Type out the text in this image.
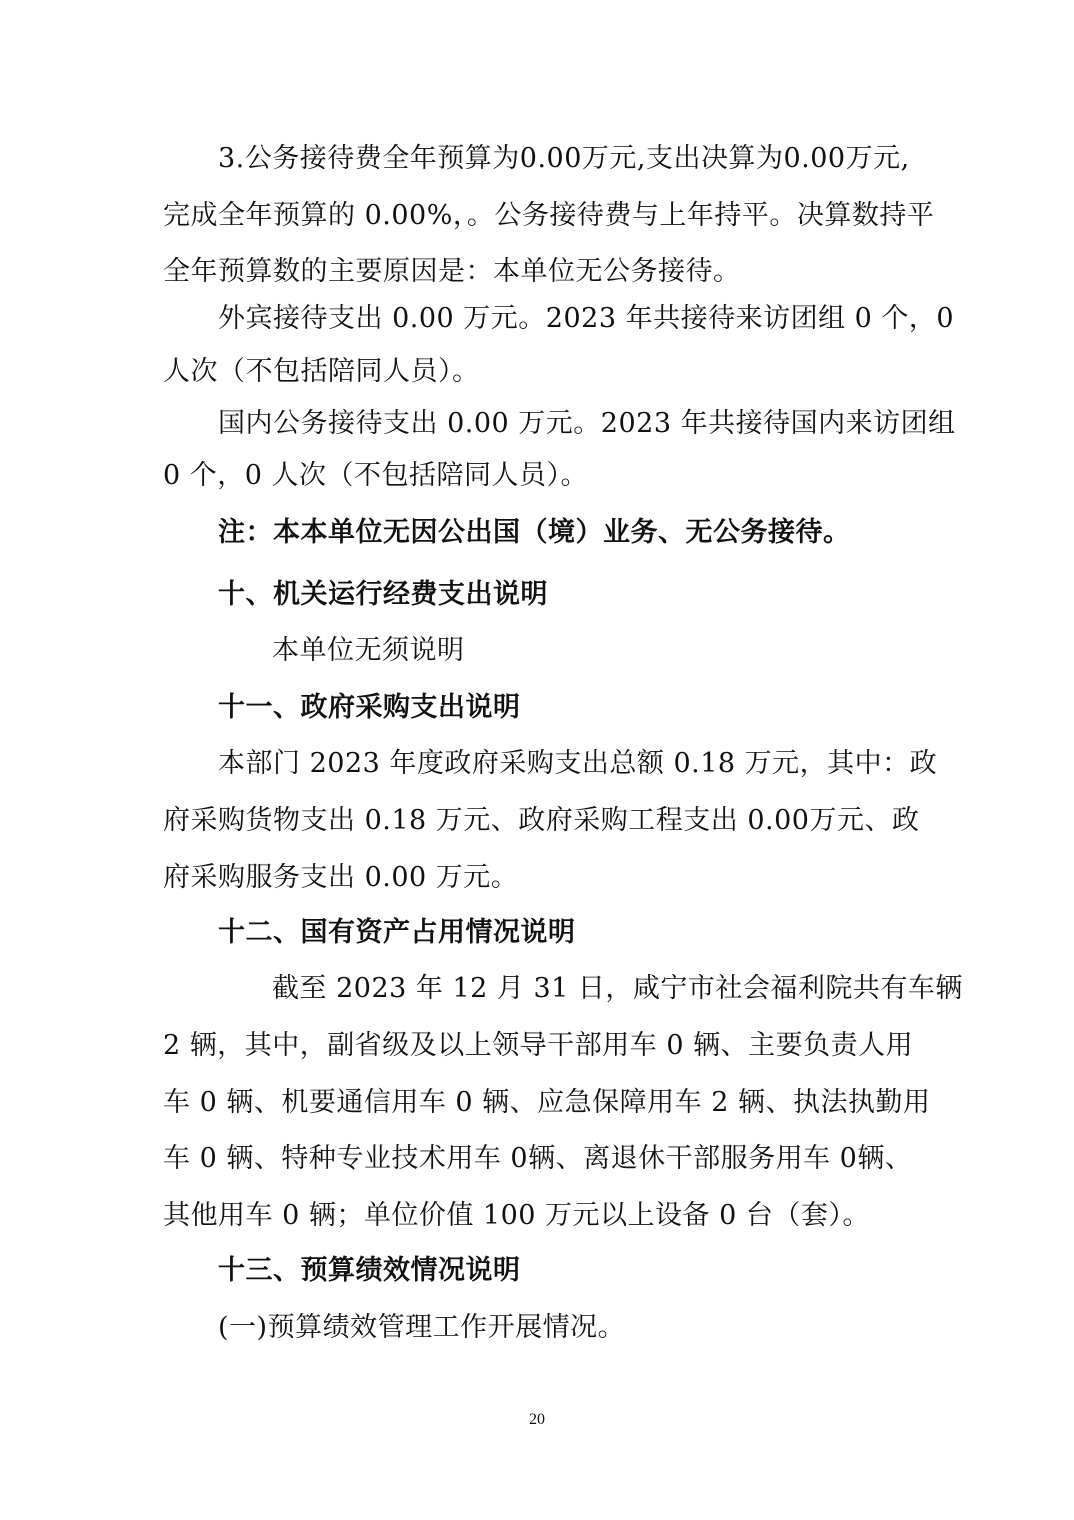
3.公务接待费全年预算为0.00万元,支出决算为0.00万元,
完成全年预算的 0.00%，。公务接待费与上年持平。决算数持平
全年预算数的主要原因是：本单位无公务接待。
外宾接待支出 0.00 万元。2023 年共接待来访团组 0 个，0
人次（不包括陪同人员）。
国内公务接待支出 0.00 万元。2023 年共接待国内来访团组
0 个，0 人次（不包括陪同人员）。
注：本本单位无因公出国（境）业务、无公务接待。
十、机关运行经费支出说明
本单位无须说明
十一、政府采购支出说明
本部门 2023 年度政府采购支出总额 0.18 万元，其中：政
府采购货物支出 0.18 万元、政府采购工程支出 0.00万元、政
府采购服务支出 0.00 万元。
十二、国有资产占用情况说明
截至 2023 年 12 月 31 日，咸宁市社会福利院共有车辆
2 辆，其中，副省级及以上领导干部用车 0 辆、主要负责人用
车 0 辆、机要通信用车 0 辆、应急保障用车 2 辆、执法执勤用
车 0 辆、特种专业技术用车 0辆、离退休干部服务用车 0辆、
其他用车 0 辆；单位价值 100 万元以上设备 0 台（套）。
十三、预算绩效情况说明
(一)预算绩效管理工作开展情况。
20
